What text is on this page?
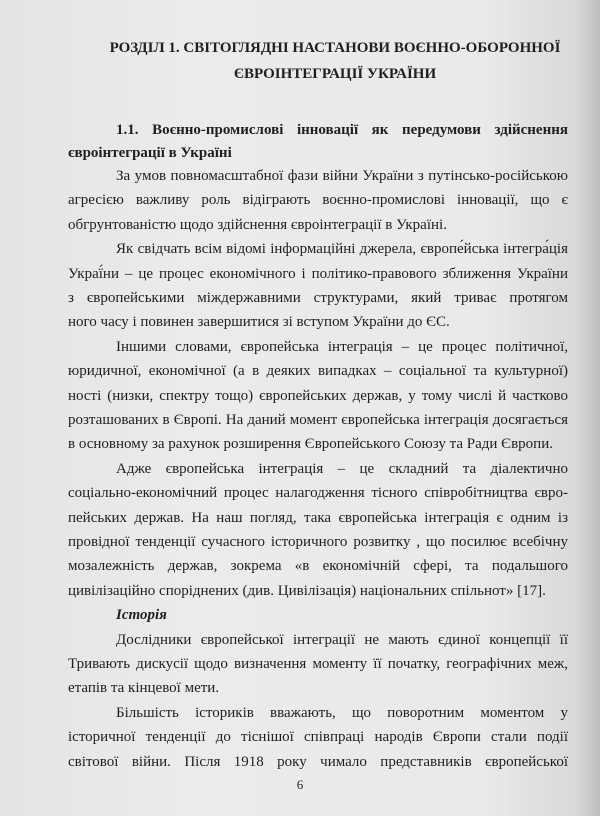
РОЗДІЛ 1. СВІТОГЛЯДНІ НАСТАНОВИ ВОЄННО-ОБОРОННОЇ
ЄВРОІНТЕГРАЦІЇ УКРАЇНИ
1.1. Воєнно-промислові інновації як передумови здійснення
євроінтеграції в Україні
За умов повномасштабної фази війни України з путінсько-російською
агресією важливу роль відіграють воєнно-промислові інновації, що є
обгрунтованістю щодо здійснення євроінтеграції в Україні.
Як свідчать всім відомі інформаційні джерела, європе́йська інтегра́ція
Украї́ни – це процес економічного і політико-правового зближення України
з європейськими міждержавними структурами, який триває протягом
ного часу і повинен завершитися зі вступом України до ЄС.
Іншими словами, європейська інтеграція – це процес політичної,
юридичної, економічної (а в деяких випадках – соціальної та культурної)
ності (низки, спектру тощо) європейських держав, у тому числі й частково
розташованих в Європі. На даний момент європейська інтеграція досягається
в основному за рахунок розширення Європейського Союзу та Ради Європи.
Адже європейська інтеграція – це складний та діалектично
соціально-економічний процес налагодження тісного співробітництва євро-
пейських держав. На наш погляд, така європейська інтеграція є одним із
провідної тенденції сучасного історичного розвитку , що посилює всебічну
мозалежність держав, зокрема «в економічній сфері, та подальшого
цивілізаційно споріднених (див. Цивілізація) національних спільнот» [17].
Історія
Дослідники європейської інтеграції не мають єдиної концепції її
Тривають дискусії щодо визначення моменту її початку, географічних меж,
етапів та кінцевої мети.
Більшість істориків вважають, що поворотним моментом у
історичної тенденції до тіснішої співпраці народів Європи стали події
світової війни. Після 1918 року чимало представників європейської
6
